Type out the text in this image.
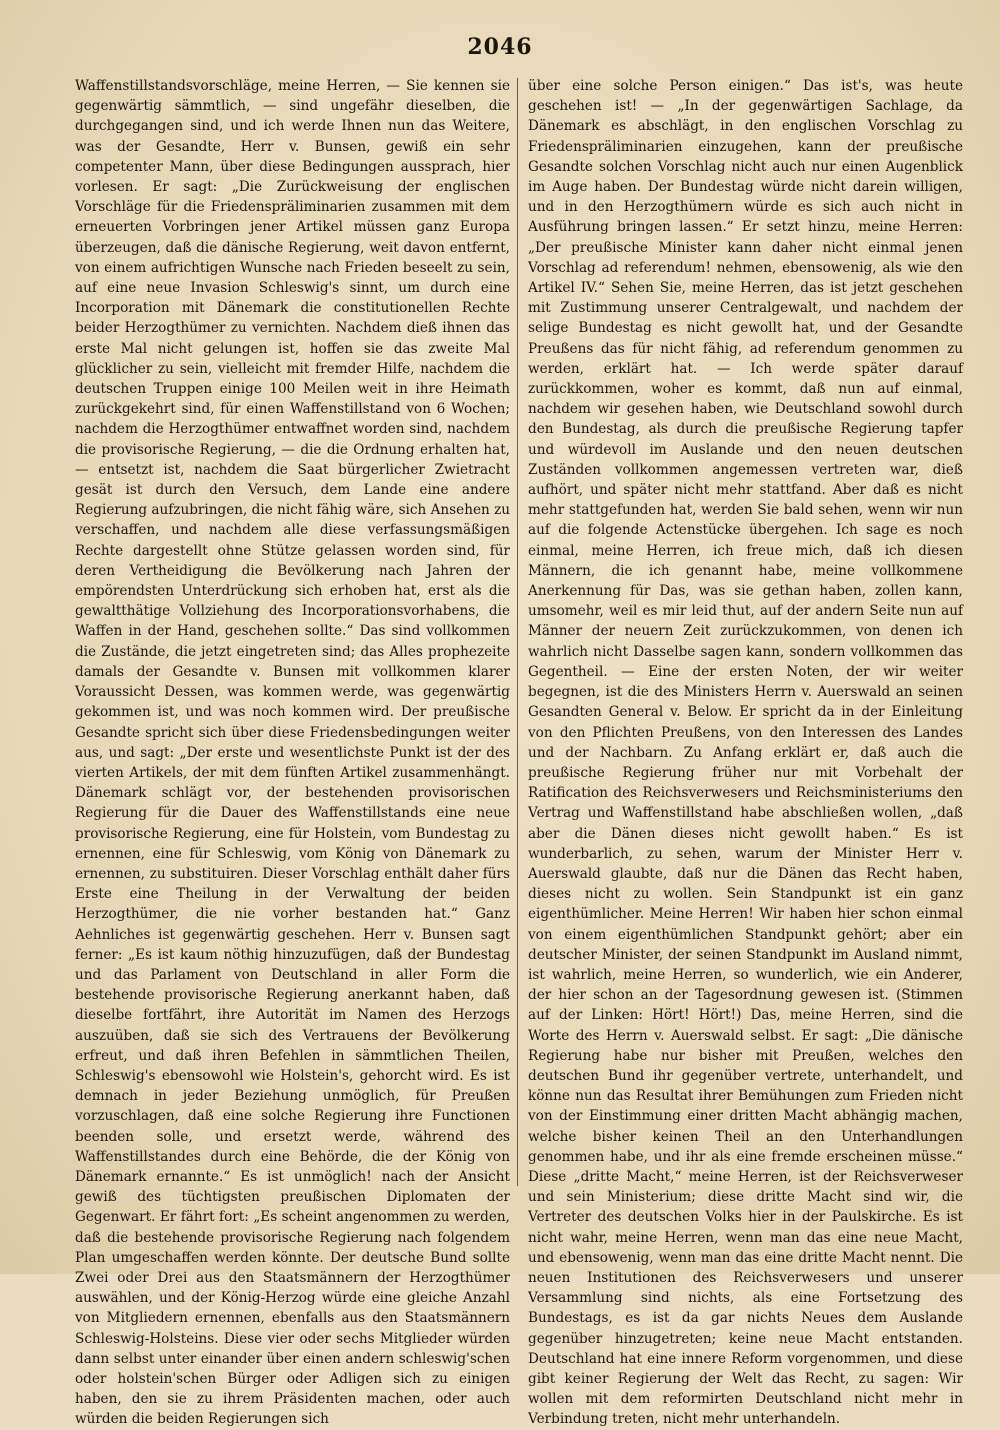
2046

Waffenstillstandsvorschläge, meine Herren, — Sie kennen sie gegenwärtig sämmtlich, — sind ungefähr dieselben, die durchgegangen sind, und ich werde Ihnen nun das Weitere, was der Gesandte, Herr v. Bunsen, gewiß ein sehr competenter Mann, über diese Bedingungen aussprach, hier vorlesen. Er sagt: „Die Zurückweisung der englischen Vorschläge für die Friedenspräliminarien zusammen mit dem erneuerten Vorbringen jener Artikel müssen ganz Europa überzeugen, daß die dänische Regierung, weit davon entfernt, von einem aufrichtigen Wunsche nach Frieden beseelt zu sein, auf eine neue Invasion Schleswig's sinnt, um durch eine Incorporation mit Dänemark die constitutionellen Rechte beider Herzogthümer zu vernichten. Nachdem dieß ihnen das erste Mal nicht gelungen ist, hoffen sie das zweite Mal glücklicher zu sein, vielleicht mit fremder Hilfe, nachdem die deutschen Truppen einige 100 Meilen weit in ihre Heimath zurückgekehrt sind, für einen Waffenstillstand von 6 Wochen; nachdem die Herzogthümer entwaffnet worden sind, nachdem die provisorische Regierung, — die die Ordnung erhalten hat, — entsetzt ist, nachdem die Saat bürgerlicher Zwietracht gesät ist durch den Versuch, dem Lande eine andere Regierung aufzubringen, die nicht fähig wäre, sich Ansehen zu verschaffen, und nachdem alle diese verfassungsmäßigen Rechte dargestellt ohne Stütze gelassen worden sind, für deren Vertheidigung die Bevölkerung nach Jahren der empörendsten Unterdrückung sich erhoben hat, erst als die gewaltthätige Vollziehung des Incorporationsvorhabens, die Waffen in der Hand, geschehen sollte.“ Das sind vollkommen die Zustände, die jetzt eingetreten sind; das Alles prophezeite damals der Gesandte v. Bunsen mit vollkommen klarer Voraussicht Dessen, was kommen werde, was gegenwärtig gekommen ist, und was noch kommen wird. Der preußische Gesandte spricht sich über diese Friedensbedingungen weiter aus, und sagt: „Der erste und wesentlichste Punkt ist der des vierten Artikels, der mit dem fünften Artikel zusammenhängt. Dänemark schlägt vor, der bestehenden provisorischen Regierung für die Dauer des Waffenstillstands eine neue provisorische Regierung, eine für Holstein, vom Bundestag zu ernennen, eine für Schleswig, vom König von Dänemark zu ernennen, zu substituiren. Dieser Vorschlag enthält daher fürs Erste eine Theilung in der Verwaltung der beiden Herzogthümer, die nie vorher bestanden hat.“ Ganz Aehnliches ist gegenwärtig geschehen. Herr v. Bunsen sagt ferner: „Es ist kaum nöthig hinzuzufügen, daß der Bundestag und das Parlament von Deutschland in aller Form die bestehende provisorische Regierung anerkannt haben, daß dieselbe fortfährt, ihre Autorität im Namen des Herzogs auszuüben, daß sie sich des Vertrauens der Bevölkerung erfreut, und daß ihren Befehlen in sämmtlichen Theilen, Schleswig's ebensowohl wie Holstein's, gehorcht wird. Es ist demnach in jeder Beziehung unmöglich, für Preußen vorzuschlagen, daß eine solche Regierung ihre Functionen beenden solle, und ersetzt werde, während des Waffenstillstandes durch eine Behörde, die der König von Dänemark ernannte.“ Es ist unmöglich! nach der Ansicht gewiß des tüchtigsten preußischen Diplomaten der Gegenwart. Er fährt fort: „Es scheint angenommen zu werden, daß die bestehende provisorische Regierung nach folgendem Plan umgeschaffen werden könnte. Der deutsche Bund sollte Zwei oder Drei aus den Staatsmännern der Herzogthümer auswählen, und der König-Herzog würde eine gleiche Anzahl von Mitgliedern ernennen, ebenfalls aus den Staatsmännern Schleswig-Holsteins. Diese vier oder sechs Mitglieder würden dann selbst unter einander über einen andern schleswig'schen oder holstein'schen Bürger oder Adligen sich zu einigen haben, den sie zu ihrem Präsidenten machen, oder auch würden die beiden Regierungen sich

über eine solche Person einigen.“ Das ist's, was heute geschehen ist! — „In der gegenwärtigen Sachlage, da Dänemark es abschlägt, in den englischen Vorschlag zu Friedenspräliminarien einzugehen, kann der preußische Gesandte solchen Vorschlag nicht auch nur einen Augenblick im Auge haben. Der Bundestag würde nicht darein willigen, und in den Herzogthümern würde es sich auch nicht in Ausführung bringen lassen.“ Er setzt hinzu, meine Herren: „Der preußische Minister kann daher nicht einmal jenen Vorschlag ad referendum! nehmen, ebensowenig, als wie den Artikel IV.“ Sehen Sie, meine Herren, das ist jetzt geschehen mit Zustimmung unserer Centralgewalt, und nachdem der selige Bundestag es nicht gewollt hat, und der Gesandte Preußens das für nicht fähig, ad referendum genommen zu werden, erklärt hat. — Ich werde später darauf zurückkommen, woher es kommt, daß nun auf einmal, nachdem wir gesehen haben, wie Deutschland sowohl durch den Bundestag, als durch die preußische Regierung tapfer und würdevoll im Auslande und den neuen deutschen Zuständen vollkommen angemessen vertreten war, dieß aufhört, und später nicht mehr stattfand. Aber daß es nicht mehr stattgefunden hat, werden Sie bald sehen, wenn wir nun auf die folgende Actenstücke übergehen. Ich sage es noch einmal, meine Herren, ich freue mich, daß ich diesen Männern, die ich genannt habe, meine vollkommene Anerkennung für Das, was sie gethan haben, zollen kann, umsomehr, weil es mir leid thut, auf der andern Seite nun auf Männer der neuern Zeit zurückzukommen, von denen ich wahrlich nicht Dasselbe sagen kann, sondern vollkommen das Gegentheil. — Eine der ersten Noten, der wir weiter begegnen, ist die des Ministers Herrn v. Auerswald an seinen Gesandten General v. Below. Er spricht da in der Einleitung von den Pflichten Preußens, von den Interessen des Landes und der Nachbarn. Zu Anfang erklärt er, daß auch die preußische Regierung früher nur mit Vorbehalt der Ratification des Reichsverwesers und Reichsministeriums den Vertrag und Waffenstillstand habe abschließen wollen, „daß aber die Dänen dieses nicht gewollt haben.“ Es ist wunderbarlich, zu sehen, warum der Minister Herr v. Auerswald glaubte, daß nur die Dänen das Recht haben, dieses nicht zu wollen. Sein Standpunkt ist ein ganz eigenthümlicher. Meine Herren! Wir haben hier schon einmal von einem eigenthümlichen Standpunkt gehört; aber ein deutscher Minister, der seinen Standpunkt im Ausland nimmt, ist wahrlich, meine Herren, so wunderlich, wie ein Anderer, der hier schon an der Tagesordnung gewesen ist. (Stimmen auf der Linken: Hört! Hört!) Das, meine Herren, sind die Worte des Herrn v. Auerswald selbst. Er sagt: „Die dänische Regierung habe nur bisher mit Preußen, welches den deutschen Bund ihr gegenüber vertrete, unterhandelt, und könne nun das Resultat ihrer Bemühungen zum Frieden nicht von der Einstimmung einer dritten Macht abhängig machen, welche bisher keinen Theil an den Unterhandlungen genommen habe, und ihr als eine fremde erscheinen müsse.“ Diese „dritte Macht,“ meine Herren, ist der Reichsverweser und sein Ministerium; diese dritte Macht sind wir, die Vertreter des deutschen Volks hier in der Paulskirche. Es ist nicht wahr, meine Herren, wenn man das eine neue Macht, und ebensowenig, wenn man das eine dritte Macht nennt. Die neuen Institutionen des Reichsverwesers und unserer Versammlung sind nichts, als eine Fortsetzung des Bundestags, es ist da gar nichts Neues dem Auslande gegenüber hinzugetreten; keine neue Macht entstanden. Deutschland hat eine innere Reform vorgenommen, und diese gibt keiner Regierung der Welt das Recht, zu sagen: Wir wollen mit dem reformirten Deutschland nicht mehr in Verbindung treten, nicht mehr unterhandeln.
